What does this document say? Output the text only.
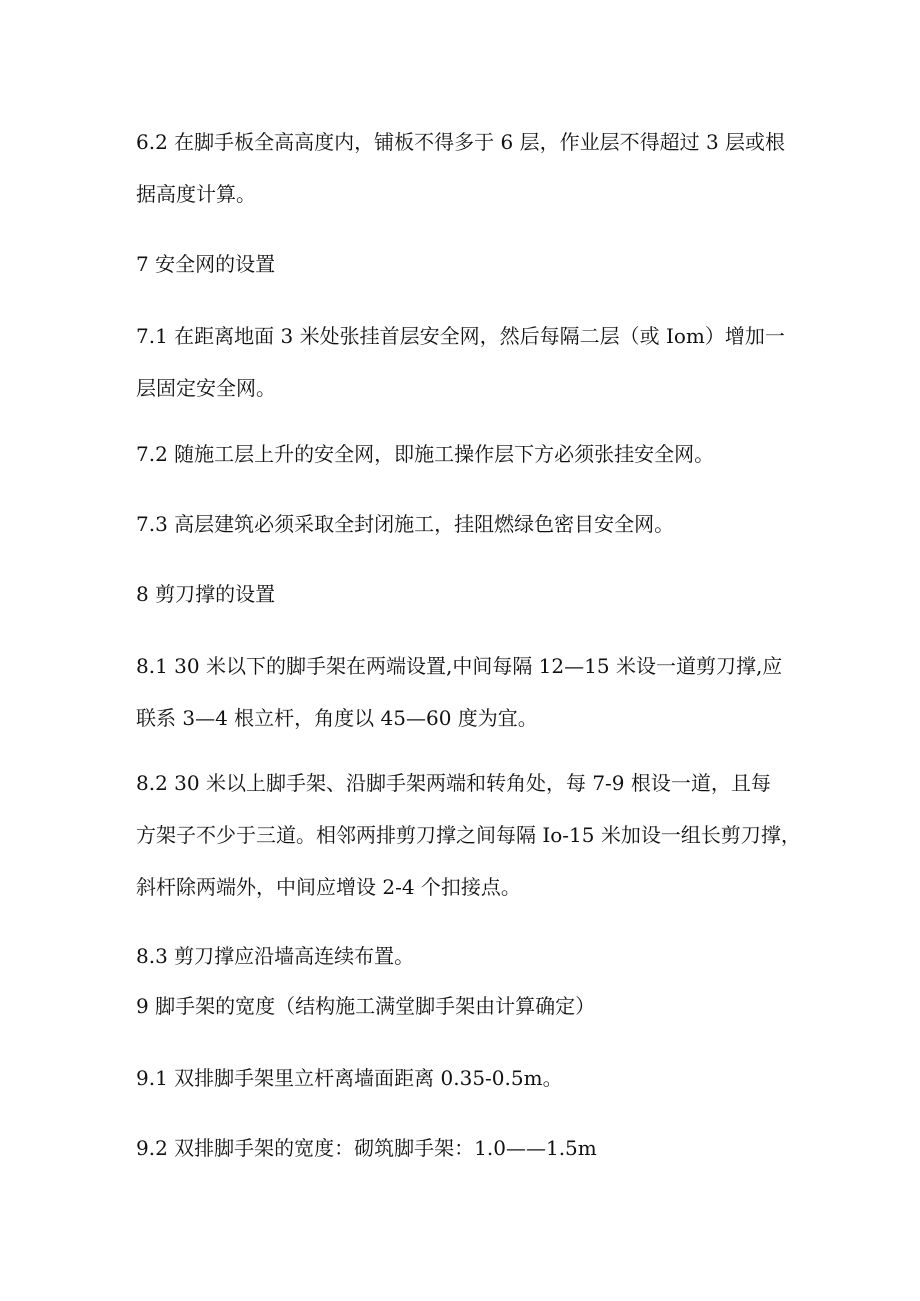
6.2 在脚手板全高高度内，铺板不得多于 6 层，作业层不得超过 3 层或根
据高度计算。

7 安全网的设置

7.1 在距离地面 3 米处张挂首层安全网，然后每隔二层（或 Iom）增加一
层固定安全网。

7.2 随施工层上升的安全网，即施工操作层下方必须张挂安全网。

7.3 高层建筑必须采取全封闭施工，挂阻燃绿色密目安全网。

8 剪刀撑的设置

8.1 30 米以下的脚手架在两端设置,中间每隔 12—15 米设一道剪刀撑,应
联系 3—4 根立杆，角度以 45—60 度为宜。

8.2 30 米以上脚手架、沿脚手架两端和转角处，每 7-9 根设一道，且每
方架子不少于三道。相邻两排剪刀撑之间每隔 Io-15 米加设一组长剪刀撑，
斜杆除两端外，中间应增设 2-4 个扣接点。

8.3 剪刀撑应沿墙高连续布置。

9 脚手架的宽度（结构施工满堂脚手架由计算确定）

9.1 双排脚手架里立杆离墙面距离 0.35-0.5m。

9.2 双排脚手架的宽度：砌筑脚手架：1.0——1.5m
